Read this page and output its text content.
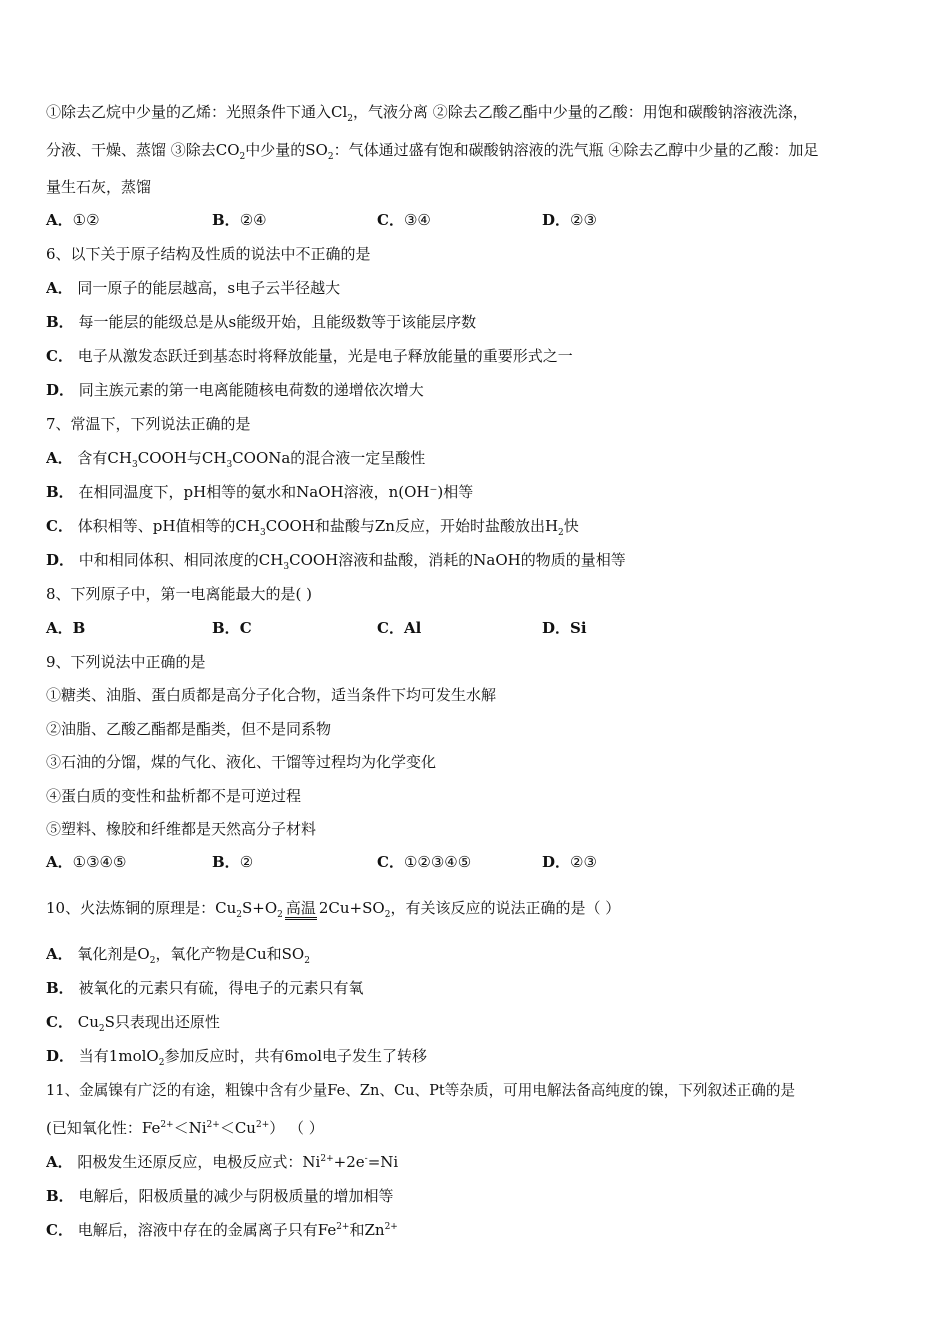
①除去乙烷中少量的乙烯：光照条件下通入$Cl_2$，气液分离 ②除去乙酸乙酯中少量的乙酸：用饱和碳酸钠溶液洗涤，
分液、干燥、蒸馏 ③除去$CO_2$中少量的$SO_2$：气体通过盛有饱和碳酸钠溶液的洗气瓶 ④除去乙醇中少量的乙酸：加足
量生石灰，蒸馏
A．①②	B．②④	C．③④	D．②③
6、以下关于原子结构及性质的说法中不正确的是
A． 同一原子的能层越高，s电子云半径越大
B． 每一能层的能级总是从s能级开始，且能级数等于该能层序数
C． 电子从激发态跃迁到基态时将释放能量，光是电子释放能量的重要形式之一
D． 同主族元素的第一电离能随核电荷数的递增依次增大
7、常温下，下列说法正确的是
A． 含有$CH_3COOH$与$CH_3COONa$的混合液一定呈酸性
B． 在相同温度下，pH相等的氨水和NaOH溶液，n(OH⁻)相等
C． 体积相等、pH值相等的$CH_3COOH$和盐酸与Zn反应，开始时盐酸放出$H_2$快
D． 中和相同体积、相同浓度的$CH_3COOH$溶液和盐酸，消耗的NaOH的物质的量相等
8、下列原子中，第一电离能最大的是( )
A．B	B．C	C．Al	D．Si
9、下列说法中正确的是
①糖类、油脂、蛋白质都是高分子化合物，适当条件下均可发生水解
②油脂、乙酸乙酯都是酯类，但不是同系物
③石油的分馏，煤的气化、液化、干馏等过程均为化学变化
④蛋白质的变性和盐析都不是可逆过程
⑤塑料、橡胶和纤维都是天然高分子材料
A．①③④⑤	B．②	C．①②③④⑤	D．②③
10、火法炼铜的原理是：$Cu_2S+O_2$ 高温 $2Cu+SO_2$，有关该反应的说法正确的是（ ）
A． 氧化剂是$O_2$，氧化产物是Cu和$SO_2$
B． 被氧化的元素只有硫，得电子的元素只有氧
C． $Cu_2S$只表现出还原性
D． 当有1molO$_2$参加反应时，共有6mol电子发生了转移
11、金属镍有广泛的有途，粗镍中含有少量Fe、Zn、Cu、Pt等杂质，可用电解法备高纯度的镍，下列叙述正确的是
(已知氧化性：$Fe^{2+}<Ni^{2+}<Cu^{2+}$） （ ）
A． 阳极发生还原反应，电极反应式：$Ni^{2+}+2e^-=Ni$
B． 电解后，阳极质量的减少与阴极质量的增加相等
C． 电解后，溶液中存在的金属离子只有$Fe^{2+}$和$Zn^{2+}$
